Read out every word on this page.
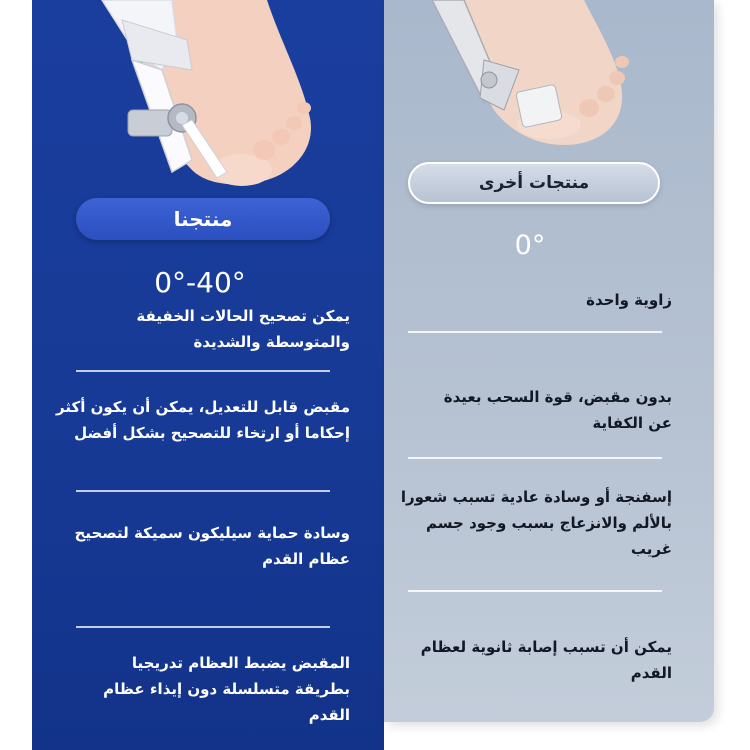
منتجنا
منتجات أخرى
0°-40°
0°
يمكن تصحيح الحالات الخفيفة والمتوسطة والشديدة
مقبض قابل للتعديل، يمكن أن يكون أكثر إحكاما أو ارتخاء للتصحيح بشكل أفضل
وسادة حماية سيليكون سميكة لتصحيح عظام القدم
المقبض يضبط العظام تدريجيا بطريقة متسلسلة دون إيذاء عظام القدم
زاوية واحدة
بدون مقبض، قوة السحب بعيدة عن الكفاية
إسفنجة أو وسادة عادية تسبب شعورا بالألم والانزعاج بسبب وجود جسم غريب
يمكن أن تسبب إصابة ثانوية لعظام القدم
